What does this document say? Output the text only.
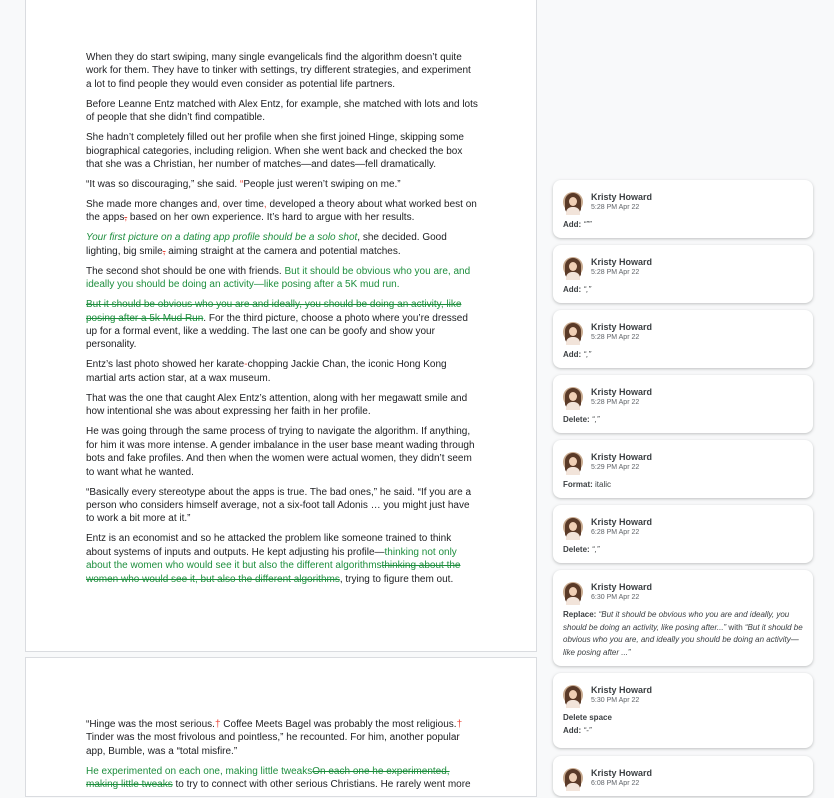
When they do start swiping, many single evangelicals find the algorithm doesn’t quite work for them. They have to tinker with settings, try different strategies, and experiment a lot to find people they would even consider as potential life partners.

Before Leanne Entz matched with Alex Entz, for example, she matched with lots and lots of people that she didn’t find compatible.

She hadn’t completely filled out her profile when she first joined Hinge, skipping some biographical categories, including religion. When she went back and checked the box that she was a Christian, her number of matches—and dates—fell dramatically.

“It was so discouraging,” she said. “People just weren’t swiping on me.”

She made more changes and, over time, developed a theory about what worked best on the apps, based on her own experience. It’s hard to argue with her results.

Your first picture on a dating app profile should be a solo shot, she decided. Good lighting, big smile, aiming straight at the camera and potential matches.

The second shot should be one with friends. But it should be obvious who you are, and ideally you should be doing an activity—like posing after a 5K mud run.

But it should be obvious who you are and ideally, you should be doing an activity, like posing after a 5k Mud Run. For the third picture, choose a photo where you’re dressed up for a formal event, like a wedding. The last one can be goofy and show your personality.

Entz’s last photo showed her karate-chopping Jackie Chan, the iconic Hong Kong martial arts action star, at a wax museum.

That was the one that caught Alex Entz’s attention, along with her megawatt smile and how intentional she was about expressing her faith in her profile.

He was going through the same process of trying to navigate the algorithm. If anything, for him it was more intense. A gender imbalance in the user base meant wading through bots and fake profiles. And then when the women were actual women, they didn’t seem to want what he wanted.

“Basically every stereotype about the apps is true. The bad ones,” he said. “If you are a person who considers himself average, not a six-foot tall Adonis … you might just have to work a bit more at it.”

Entz is an economist and so he attacked the problem like someone trained to think about systems of inputs and outputs. He kept adjusting his profile—thinking not only about the women who would see it but also the different algorithmsthinking about the women who would see it, but also the different algorithms, trying to figure them out.

“Hinge was the most serious.† Coffee Meets Bagel was probably the most religious.† Tinder was the most frivolous and pointless,” he recounted. For him, another popular app, Bumble, was a “total misfire.”

He experimented on each one, making little tweaksOn each one he experimented, making little tweaks to try to connect with other serious Christians. He rarely went more

Kristy Howard
5:28 PM Apr 22
Add: “””
Kristy Howard
5:28 PM Apr 22
Add: “,”
Kristy Howard
5:28 PM Apr 22
Add: “,”
Kristy Howard
5:28 PM Apr 22
Delete: “,”
Kristy Howard
5:29 PM Apr 22
Format: italic
Kristy Howard
6:28 PM Apr 22
Delete: “,”
Kristy Howard
6:30 PM Apr 22
Replace: “But it should be obvious who you are and ideally, you should be doing an activity, like posing after...” with “But it should be obvious who you are, and ideally you should be doing an activity—like posing after ...”
Kristy Howard
5:30 PM Apr 22
Delete space
Add: “-”
Kristy Howard
6:08 PM Apr 22
